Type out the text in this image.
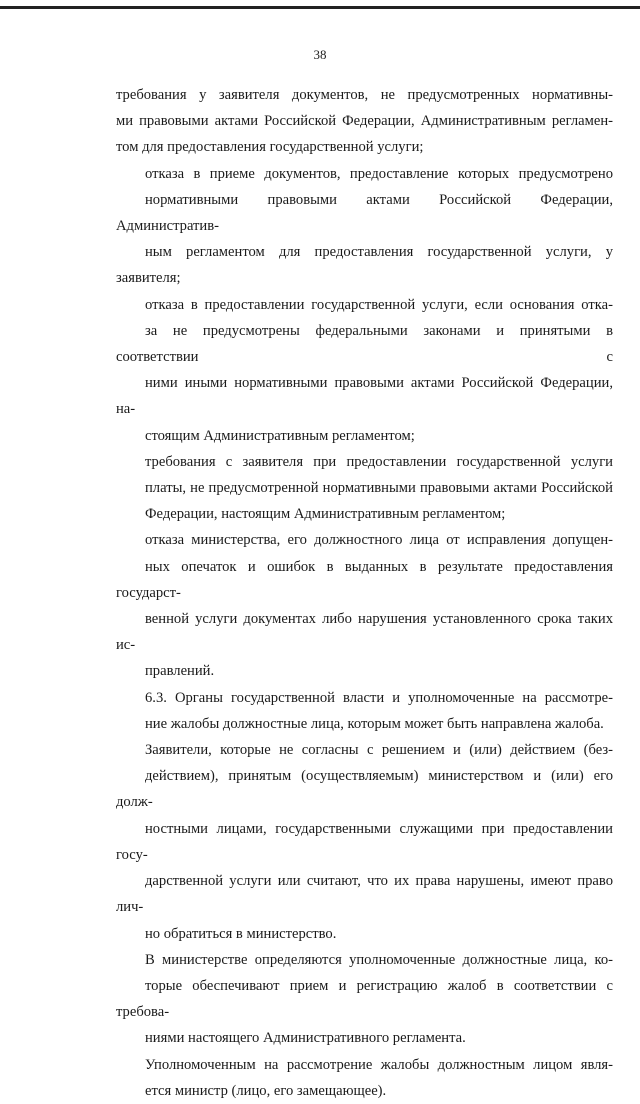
38

требования у заявителя документов, не предусмотренных нормативны-
ми правовыми актами Российской Федерации, Административным регламен-
том для предоставления государственной услуги;

отказа в приеме документов, предоставление которых предусмотрено
нормативными правовыми актами Российской Федерации, Административ-
ным регламентом для предоставления государственной услуги, у заявителя;

отказа в предоставлении государственной услуги, если основания отка-
за не предусмотрены федеральными законами и принятыми в соответствии с
ними иными нормативными правовыми актами Российской Федерации, на-
стоящим Административным регламентом;

требования с заявителя при предоставлении государственной услуги
платы, не предусмотренной нормативными правовыми актами Российской
Федерации, настоящим Административным регламентом;

отказа министерства, его должностного лица от исправления допущен-
ных опечаток и ошибок в выданных в результате предоставления государст-
венной услуги документах либо нарушения установленного срока таких ис-
правлений.

6.3. Органы государственной власти и уполномоченные на рассмотре-
ние жалобы должностные лица, которым может быть направлена жалоба.

Заявители, которые не согласны с решением и (или) действием (без-
действием), принятым (осуществляемым) министерством и (или) его долж-
ностными лицами, государственными служащими при предоставлении госу-
дарственной услуги или считают, что их права нарушены, имеют право лич-
но обратиться в министерство.

В министерстве определяются уполномоченные должностные лица, ко-
торые обеспечивают прием и регистрацию жалоб в соответствии с требова-
ниями настоящего Административного регламента.

Уполномоченным на рассмотрение жалобы должностным лицом явля-
ется министр (лицо, его замещающее).
